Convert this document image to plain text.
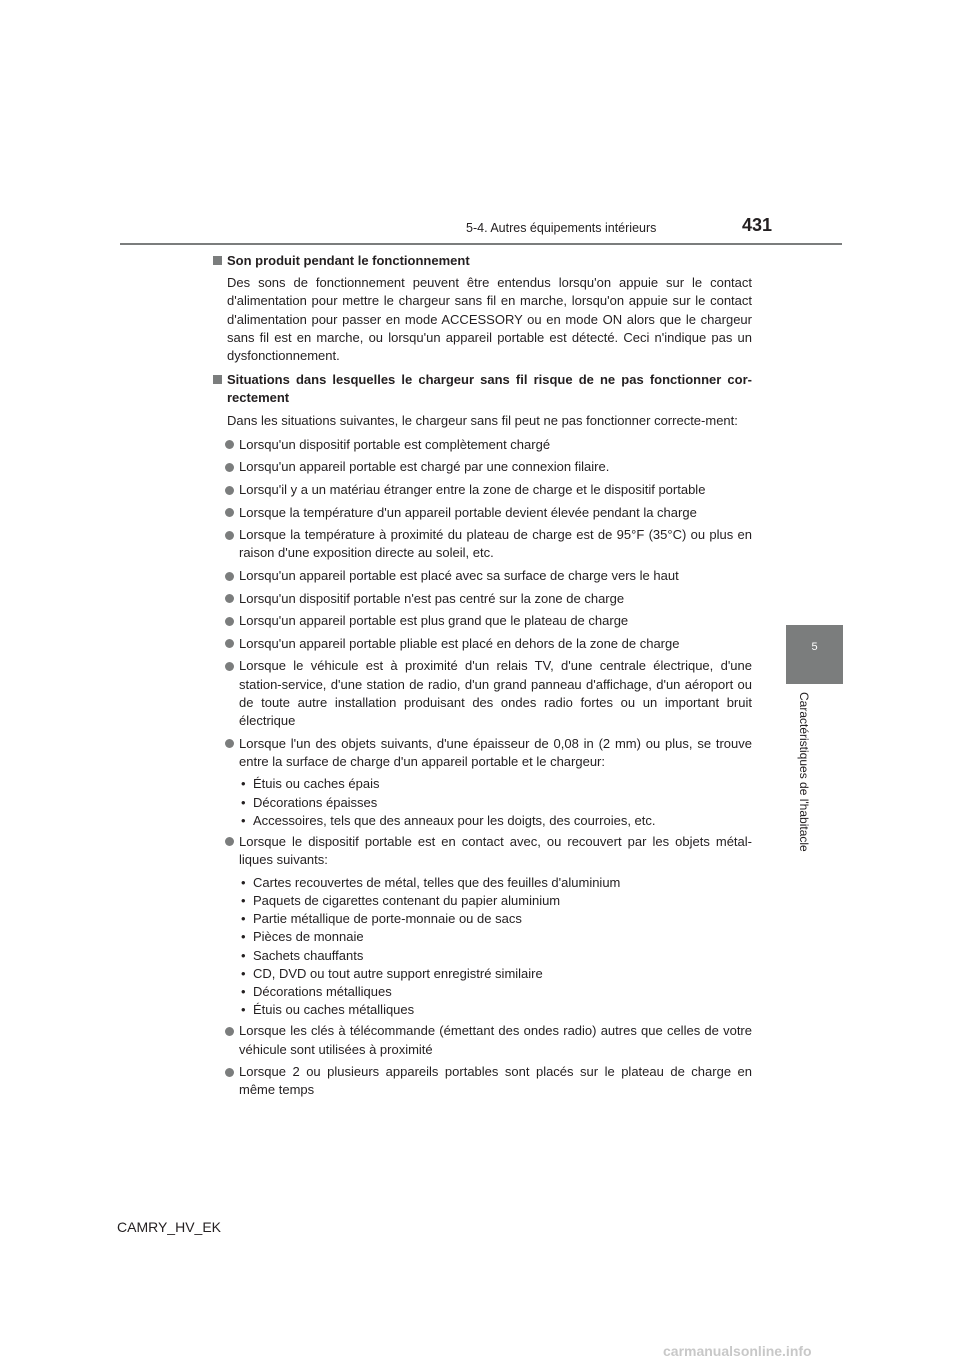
5-4. Autres équipements intérieurs	431
5
Caractéristiques de l'habitacle
Son produit pendant le fonctionnement

Des sons de fonctionnement peuvent être entendus lorsqu'on appuie sur le contact d'alimentation pour mettre le chargeur sans fil en marche, lorsqu'on appuie sur le contact d'alimentation pour passer en mode ACCESSORY ou en mode ON alors que le chargeur sans fil est en marche, ou lorsqu'un appareil portable est détecté. Ceci n'indique pas un dysfonctionnement.

Situations dans lesquelles le chargeur sans fil risque de ne pas fonctionner cor-rectement

Dans les situations suivantes, le chargeur sans fil peut ne pas fonctionner correcte-ment:

Lorsqu'un dispositif portable est complètement chargé
Lorsqu'un appareil portable est chargé par une connexion filaire.
Lorsqu'il y a un matériau étranger entre la zone de charge et le dispositif portable
Lorsque la température d'un appareil portable devient élevée pendant la charge
Lorsque la température à proximité du plateau de charge est de 95°F (35°C) ou plus en raison d'une exposition directe au soleil, etc.
Lorsqu'un appareil portable est placé avec sa surface de charge vers le haut
Lorsqu'un dispositif portable n'est pas centré sur la zone de charge
Lorsqu'un appareil portable est plus grand que le plateau de charge
Lorsqu'un appareil portable pliable est placé en dehors de la zone de charge
Lorsque le véhicule est à proximité d'un relais TV, d'une centrale électrique, d'une station-service, d'une station de radio, d'un grand panneau d'affichage, d'un aéroport ou de toute autre installation produisant des ondes radio fortes ou un important bruit électrique
Lorsque l'un des objets suivants, d'une épaisseur de 0,08 in (2 mm) ou plus, se trouve entre la surface de charge d'un appareil portable et le chargeur:
• Étuis ou caches épais
• Décorations épaisses
• Accessoires, tels que des anneaux pour les doigts, des courroies, etc.
Lorsque le dispositif portable est en contact avec, ou recouvert par les objets métal-liques suivants:
• Cartes recouvertes de métal, telles que des feuilles d'aluminium
• Paquets de cigarettes contenant du papier aluminium
• Partie métallique de porte-monnaie ou de sacs
• Pièces de monnaie
• Sachets chauffants
• CD, DVD ou tout autre support enregistré similaire
• Décorations métalliques
• Étuis ou caches métalliques
Lorsque les clés à télécommande (émettant des ondes radio) autres que celles de votre véhicule sont utilisées à proximité
Lorsque 2 ou plusieurs appareils portables sont placés sur le plateau de charge en même temps
CAMRY_HV_EK
carmanualsonline.info
